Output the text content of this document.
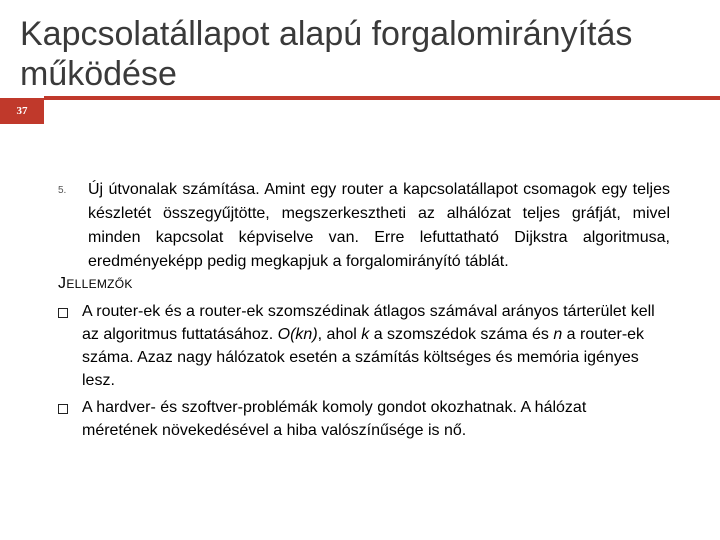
Kapcsolatállapot alapú forgalomirányítás működése
37
5. Új útvonalak számítása. Amint egy router a kapcsolatállapot csomagok egy teljes készletét összegyűjtötte, megszerkesztheti az alhálózat teljes gráfját, mivel minden kapcsolat képviselve van. Erre lefuttatható Dijkstra algoritmusa, eredményeképp pedig megkapjuk a forgalomirányító táblát.
JELLEMZŐK
A router-ek és a router-ek szomszédinak átlagos számával arányos tárterület kell az algoritmus futtatásához. O(kn), ahol k a szomszédok száma és n a router-ek száma. Azaz nagy hálózatok esetén a számítás költséges és memória igényes lesz.
A hardver- és szoftver-problémák komoly gondot okozhatnak. A hálózat méretének növekedésével a hiba valószínűsége is nő.
